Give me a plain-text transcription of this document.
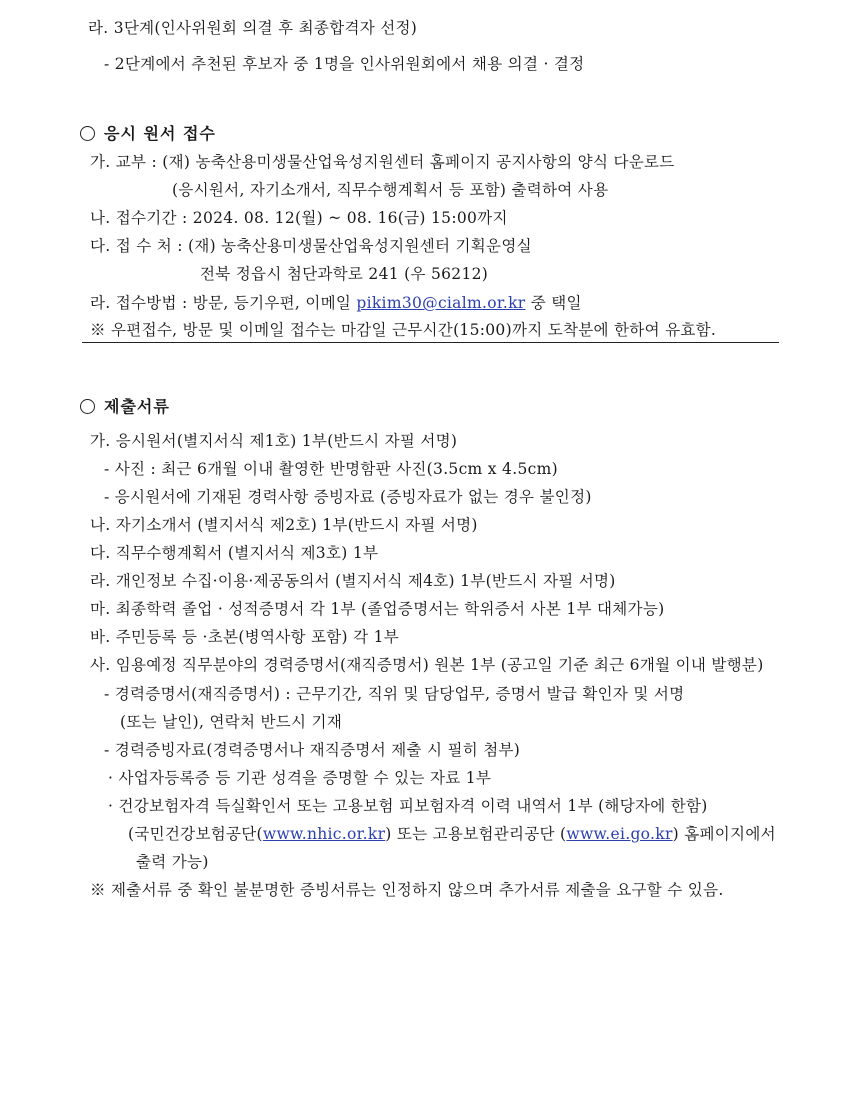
라. 3단계(인사위원회 의결 후 최종합격자 선정)
- 2단계에서 추천된 후보자 중 1명을 인사위원회에서 채용 의결 · 결정
응시 원서 접수
가. 교부 : (재) 농축산용미생물산업육성지원센터 홈페이지 공지사항의 양식 다운로드
(응시원서, 자기소개서, 직무수행계획서 등 포함) 출력하여 사용
나. 접수기간 : 2024. 08. 12(월) ~ 08. 16(금) 15:00까지
다. 접 수 처 : (재) 농축산용미생물산업육성지원센터 기획운영실
전북 정읍시 첨단과학로 241 (우 56212)
라. 접수방법 : 방문, 등기우편, 이메일 pikim30@cialm.or.kr 중 택일
※ 우편접수, 방문 및 이메일 접수는 마감일 근무시간(15:00)까지 도착분에 한하여 유효함.
제출서류
가. 응시원서(별지서식 제1호) 1부(반드시 자필 서명)
- 사진 : 최근 6개월 이내 촬영한 반명함판 사진(3.5cm x 4.5cm)
- 응시원서에 기재된 경력사항 증빙자료 (증빙자료가 없는 경우 불인정)
나. 자기소개서 (별지서식 제2호) 1부(반드시 자필 서명)
다. 직무수행계획서 (별지서식 제3호) 1부
라. 개인정보 수집·이용·제공동의서 (별지서식 제4호) 1부(반드시 자필 서명)
마. 최종학력 졸업 · 성적증명서 각 1부 (졸업증명서는 학위증서 사본 1부 대체가능)
바. 주민등록 등 ·초본(병역사항 포함) 각 1부
사. 임용예정 직무분야의 경력증명서(재직증명서) 원본 1부 (공고일 기준 최근 6개월 이내 발행분)
- 경력증명서(재직증명서) : 근무기간, 직위 및 담당업무, 증명서 발급 확인자 및 서명
(또는 날인), 연락처 반드시 기재
- 경력증빙자료(경력증명서나 재직증명서 제출 시 필히 첨부)
· 사업자등록증 등 기관 성격을 증명할 수 있는 자료 1부
· 건강보험자격 득실확인서 또는 고용보험 피보험자격 이력 내역서 1부 (해당자에 한함)
(국민건강보험공단(www.nhic.or.kr) 또는 고용보험관리공단 (www.ei.go.kr) 홈페이지에서
출력 가능)
※ 제출서류 중 확인 불분명한 증빙서류는 인정하지 않으며 추가서류 제출을 요구할 수 있음.
